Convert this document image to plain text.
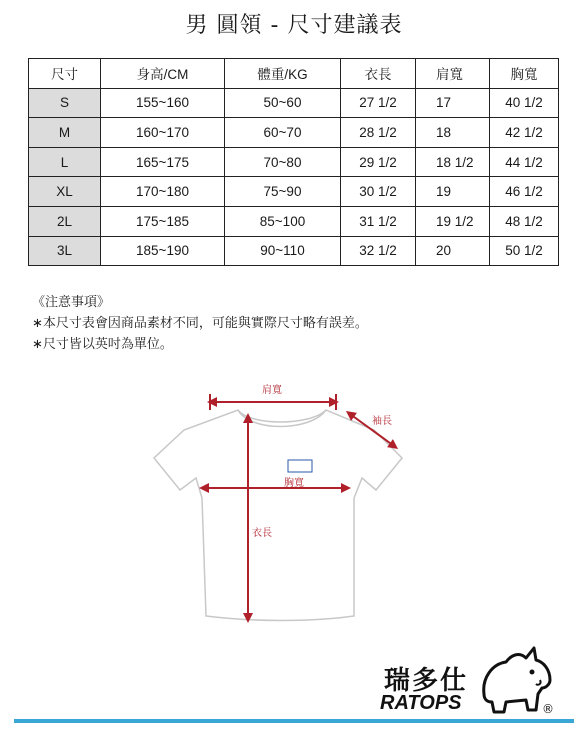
男 圓領 - 尺寸建議表
尺寸	身高/CM	體重/KG	衣長	肩寬	胸寬
S	155~160	50~60	27 1/2	17	40 1/2
M	160~170	60~70	28 1/2	18	42 1/2
L	165~175	70~80	29 1/2	18 1/2	44 1/2
XL	170~180	75~90	30 1/2	19	46 1/2
2L	175~185	85~100	31 1/2	19 1/2	48 1/2
3L	185~190	90~110	32 1/2	20	50 1/2
《注意事項》
∗本尺寸表會因商品素材不同，可能與實際尺寸略有誤差。
∗尺寸皆以英吋為單位。
肩寬
袖長
胸寬
衣長
瑞多仕
RATOPS	®
